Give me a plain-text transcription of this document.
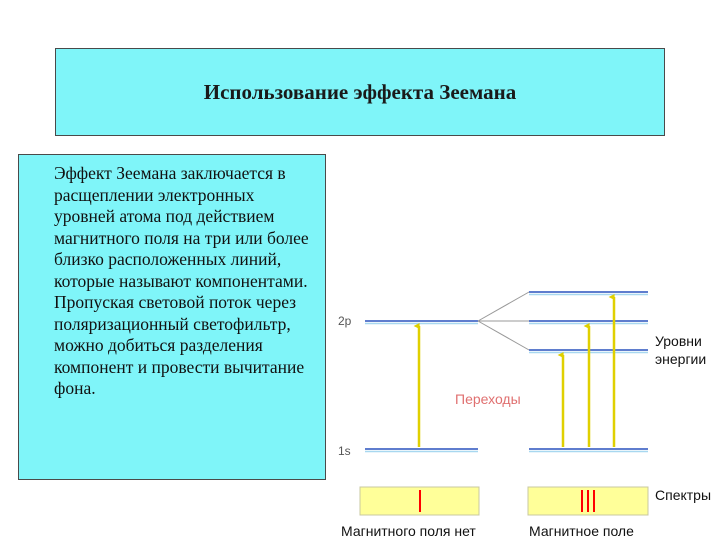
Использование эффекта Зеемана

Эффект Зеемана заключается в расщеплении электронных уровней атома под действием магнитного поля на три или более близко расположенных линий, которые называют компонентами. Пропуская световой поток через поляризационный светофильтр, можно добиться разделения компонент и провести вычитание фона.

2p
1s
Переходы
Уровни
энергии
Спектры
Магнитного поля нет	Магнитное поле
